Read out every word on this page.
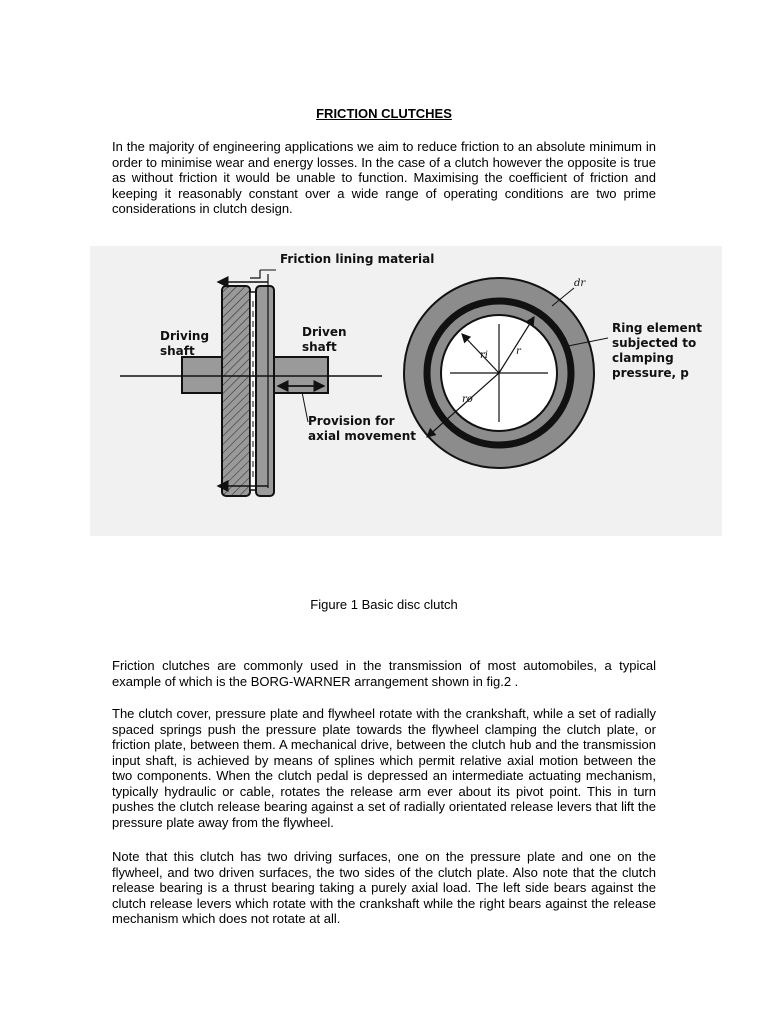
FRICTION CLUTCHES

In the majority of engineering applications we aim to reduce friction to an absolute minimum in order to minimise wear and energy losses. In the case of a clutch however the opposite is true as without friction it would be unable to function. Maximising the coefficient of friction and keeping it reasonably constant over a wide range of operating conditions are two prime considerations in clutch design.

Friction lining material
Driving
shaft
Driven
shaft
Provision for
axial movement
dr
ri	r
ro
Ring element
subjected to
clamping
pressure, p
Figure 1 Basic disc clutch

Friction clutches are commonly used in the transmission of most automobiles, a typical example of which is the BORG-WARNER arrangement shown in fig.2 .

The clutch cover, pressure plate and flywheel rotate with the crankshaft, while a set of radially spaced springs push the pressure plate towards the flywheel clamping the clutch plate, or friction plate, between them. A mechanical drive, between the clutch hub and the transmission input shaft, is achieved by means of splines which permit relative axial motion between the two components. When the clutch pedal is depressed an intermediate actuating mechanism, typically hydraulic or cable, rotates the release arm ever about its pivot point. This in turn pushes the clutch release bearing against a set of radially orientated release levers that lift the pressure plate away from the flywheel.

Note that this clutch has two driving surfaces, one on the pressure plate and one on the flywheel, and two driven surfaces, the two sides of the clutch plate. Also note that the clutch release bearing is a thrust bearing taking a purely axial load. The left side bears against the clutch release levers which rotate with the crankshaft while the right bears against the release mechanism which does not rotate at all.
